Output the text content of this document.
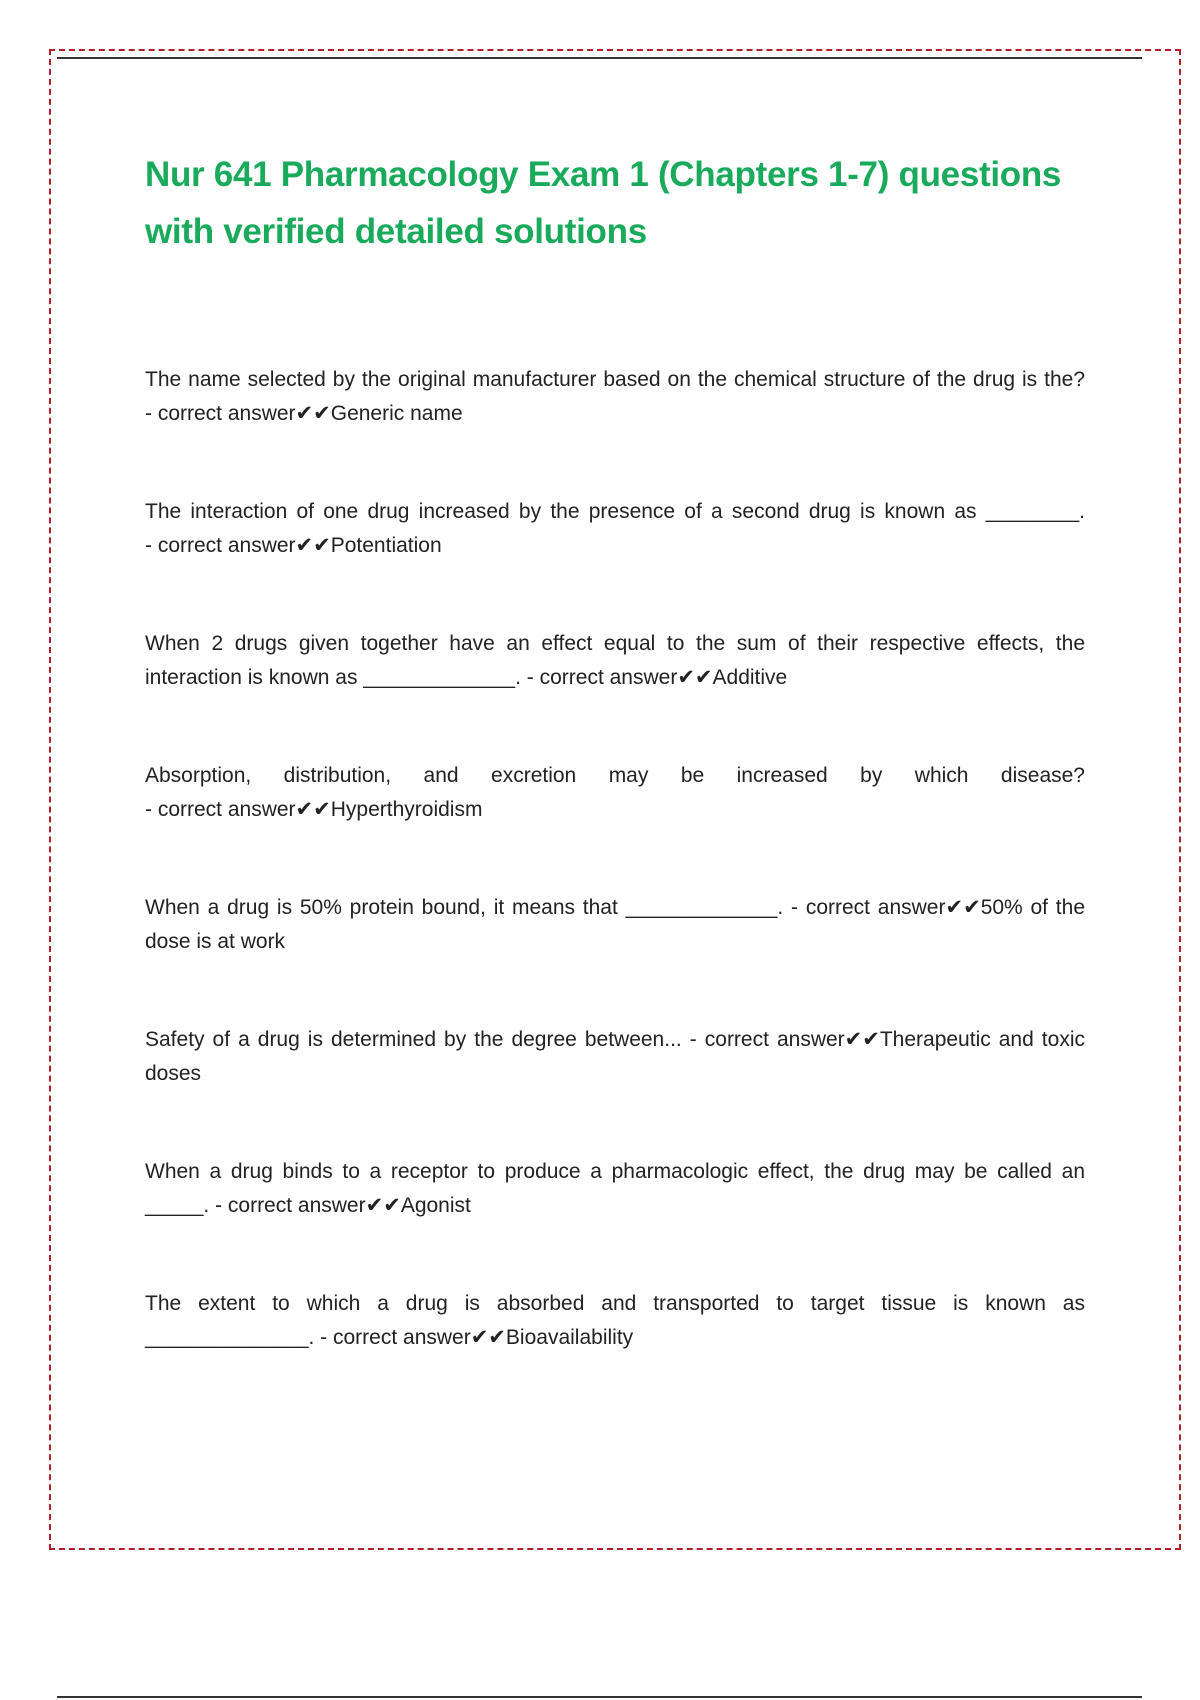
Nur 641 Pharmacology Exam 1 (Chapters 1-7) questions with verified detailed solutions

The name selected by the original manufacturer based on the chemical structure of the drug is the? - correct answer✔✔Generic name

The interaction of one drug increased by the presence of a second drug is known as ________. - correct answer✔✔Potentiation

When 2 drugs given together have an effect equal to the sum of their respective effects, the interaction is known as _____________. - correct answer✔✔Additive

Absorption, distribution, and excretion may be increased by which disease? - correct answer✔✔Hyperthyroidism

When a drug is 50% protein bound, it means that _____________. - correct answer✔✔50% of the dose is at work

Safety of a drug is determined by the degree between... - correct answer✔✔Therapeutic and toxic doses

When a drug binds to a receptor to produce a pharmacologic effect, the drug may be called an _____. - correct answer✔✔Agonist

The extent to which a drug is absorbed and transported to target tissue is known as ______________. - correct answer✔✔Bioavailability
